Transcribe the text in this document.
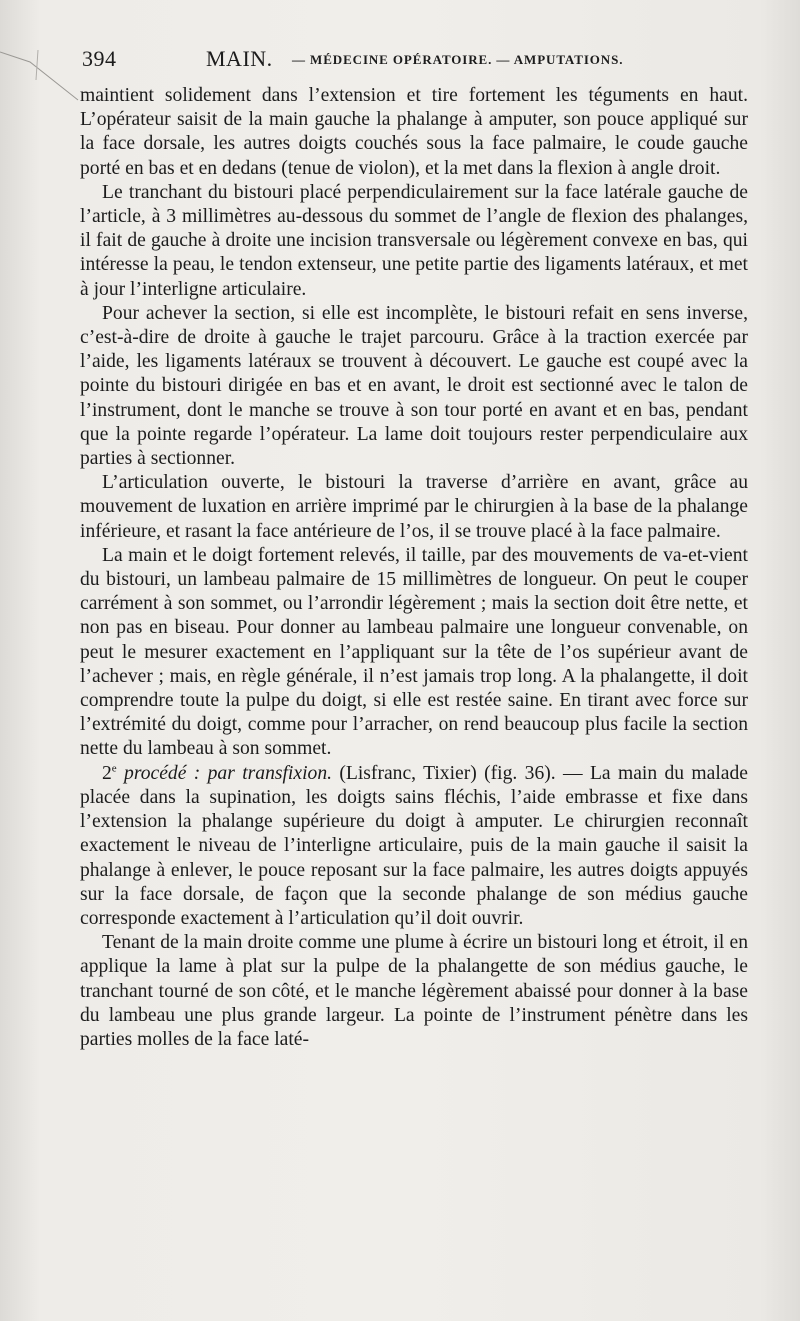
394	MAIN. — MÉDECINE OPÉRATOIRE. — AMPUTATIONS.

maintient solidement dans l’extension et tire fortement les téguments en haut. L’opérateur saisit de la main gauche la phalange à amputer, son pouce appliqué sur la face dorsale, les autres doigts couchés sous la face palmaire, le coude gauche porté en bas et en dedans (tenue de violon), et la met dans la flexion à angle droit.

Le tranchant du bistouri placé perpendiculairement sur la face latérale gauche de l’article, à 3 millimètres au-dessous du sommet de l’angle de flexion des phalanges, il fait de gauche à droite une incision transversale ou légèrement convexe en bas, qui intéresse la peau, le tendon extenseur, une petite partie des ligaments latéraux, et met à jour l’interligne articulaire.

Pour achever la section, si elle est incomplète, le bistouri refait en sens inverse, c’est-à-dire de droite à gauche le trajet parcouru. Grâce à la traction exercée par l’aide, les ligaments latéraux se trouvent à découvert. Le gauche est coupé avec la pointe du bistouri dirigée en bas et en avant, le droit est sectionné avec le talon de l’instrument, dont le manche se trouve à son tour porté en avant et en bas, pendant que la pointe regarde l’opérateur. La lame doit toujours rester perpendiculaire aux parties à sectionner.

L’articulation ouverte, le bistouri la traverse d’arrière en avant, grâce au mouvement de luxation en arrière imprimé par le chirurgien à la base de la phalange inférieure, et rasant la face antérieure de l’os, il se trouve placé à la face palmaire.

La main et le doigt fortement relevés, il taille, par des mouvements de va-et-vient du bistouri, un lambeau palmaire de 15 millimètres de longueur. On peut le couper carrément à son sommet, ou l’arrondir légèrement ; mais la section doit être nette, et non pas en biseau. Pour donner au lambeau palmaire une longueur convenable, on peut le mesurer exactement en l’appliquant sur la tête de l’os supérieur avant de l’achever ; mais, en règle générale, il n’est jamais trop long. A la phalangette, il doit comprendre toute la pulpe du doigt, si elle est restée saine. En tirant avec force sur l’extrémité du doigt, comme pour l’arracher, on rend beaucoup plus facile la section nette du lambeau à son sommet.

2e procédé : par transfixion. (Lisfranc, Tixier) (fig. 36). — La main du malade placée dans la supination, les doigts sains fléchis, l’aide embrasse et fixe dans l’extension la phalange supérieure du doigt à amputer. Le chirurgien reconnaît exactement le niveau de l’interligne articulaire, puis de la main gauche il saisit la phalange à enlever, le pouce reposant sur la face palmaire, les autres doigts appuyés sur la face dorsale, de façon que la seconde phalange de son médius gauche corresponde exactement à l’articulation qu’il doit ouvrir.

Tenant de la main droite comme une plume à écrire un bistouri long et étroit, il en applique la lame à plat sur la pulpe de la phalangette de son médius gauche, le tranchant tourné de son côté, et le manche légèrement abaissé pour donner à la base du lambeau une plus grande largeur. La pointe de l’instrument pénètre dans les parties molles de la face laté-
